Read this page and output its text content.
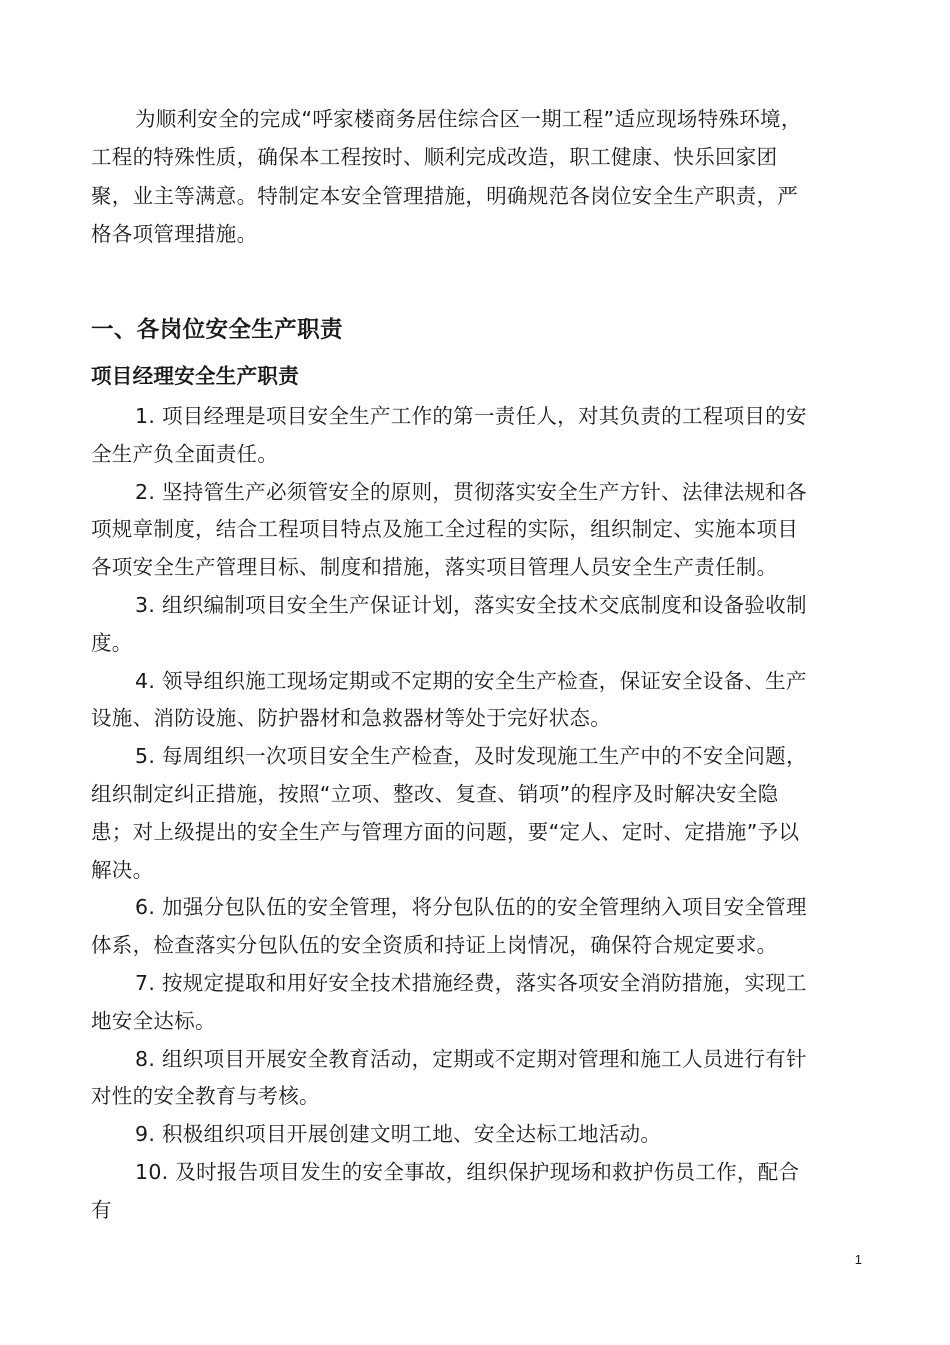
为顺利安全的完成“呼家楼商务居住综合区一期工程”适应现场特殊环境，工程的特殊性质，确保本工程按时、顺利完成改造，职工健康、快乐回家团聚，业主等满意。特制定本安全管理措施，明确规范各岗位安全生产职责，严格各项管理措施。

一、各岗位安全生产职责
项目经理安全生产职责
1. 项目经理是项目安全生产工作的第一责任人，对其负责的工程项目的安全生产负全面责任。
2. 坚持管生产必须管安全的原则，贯彻落实安全生产方针、法律法规和各项规章制度，结合工程项目特点及施工全过程的实际，组织制定、实施本项目各项安全生产管理目标、制度和措施，落实项目管理人员安全生产责任制。
3. 组织编制项目安全生产保证计划，落实安全技术交底制度和设备验收制度。
4. 领导组织施工现场定期或不定期的安全生产检查，保证安全设备、生产设施、消防设施、防护器材和急救器材等处于完好状态。
5. 每周组织一次项目安全生产检查，及时发现施工生产中的不安全问题，组织制定纠正措施，按照“立项、整改、复查、销项”的程序及时解决安全隐患；对上级提出的安全生产与管理方面的问题，要“定人、定时、定措施”予以解决。
6. 加强分包队伍的安全管理，将分包队伍的的安全管理纳入项目安全管理体系，检查落实分包队伍的安全资质和持证上岗情况，确保符合规定要求。
7. 按规定提取和用好安全技术措施经费，落实各项安全消防措施，实现工地安全达标。
8. 组织项目开展安全教育活动，定期或不定期对管理和施工人员进行有针对性的安全教育与考核。
9. 积极组织项目开展创建文明工地、安全达标工地活动。
10. 及时报告项目发生的安全事故，组织保护现场和救护伤员工作，配合有
1
